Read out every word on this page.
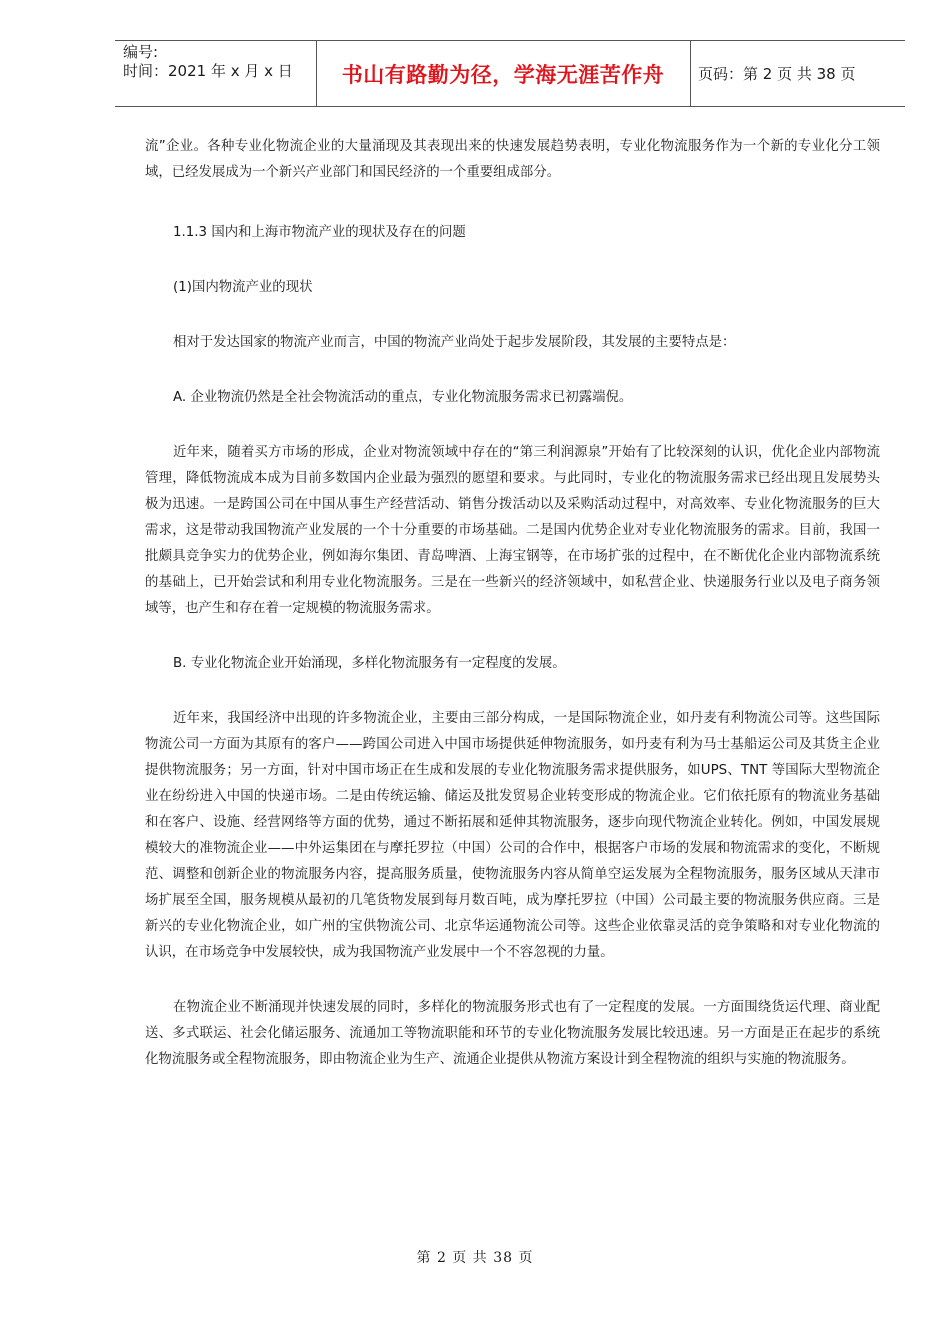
编号:
时间：2021 年 x 月 x 日	书山有路勤为径，学海无涯苦作舟	页码：第 2 页 共 38 页

流”企业。各种专业化物流企业的大量涌现及其表现出来的快速发展趋势表明，专业化物流服务作为一个新的专业化分工领域，已经发展成为一个新兴产业部门和国民经济的一个重要组成部分。

1.1.3 国内和上海市物流产业的现状及存在的问题

(1)国内物流产业的现状

相对于发达国家的物流产业而言，中国的物流产业尚处于起步发展阶段，其发展的主要特点是：

A. 企业物流仍然是全社会物流活动的重点，专业化物流服务需求已初露端倪。

近年来，随着买方市场的形成，企业对物流领域中存在的“第三利润源泉”开始有了比较深刻的认识，优化企业内部物流管理，降低物流成本成为目前多数国内企业最为强烈的愿望和要求。与此同时，专业化的物流服务需求已经出现且发展势头极为迅速。一是跨国公司在中国从事生产经营活动、销售分拨活动以及采购活动过程中，对高效率、专业化物流服务的巨大需求，这是带动我国物流产业发展的一个十分重要的市场基础。二是国内优势企业对专业化物流服务的需求。目前，我国一批颇具竞争实力的优势企业，例如海尔集团、青岛啤酒、上海宝钢等，在市场扩张的过程中，在不断优化企业内部物流系统的基础上，已开始尝试和利用专业化物流服务。三是在一些新兴的经济领域中，如私营企业、快递服务行业以及电子商务领域等，也产生和存在着一定规模的物流服务需求。

B. 专业化物流企业开始涌现，多样化物流服务有一定程度的发展。

近年来，我国经济中出现的许多物流企业，主要由三部分构成，一是国际物流企业，如丹麦有利物流公司等。这些国际物流公司一方面为其原有的客户——跨国公司进入中国市场提供延伸物流服务，如丹麦有利为马士基船运公司及其货主企业提供物流服务；另一方面，针对中国市场正在生成和发展的专业化物流服务需求提供服务，如UPS、TNT 等国际大型物流企业在纷纷进入中国的快递市场。二是由传统运输、储运及批发贸易企业转变形成的物流企业。它们依托原有的物流业务基础和在客户、设施、经营网络等方面的优势，通过不断拓展和延伸其物流服务，逐步向现代物流企业转化。例如，中国发展规模较大的准物流企业——中外运集团在与摩托罗拉（中国）公司的合作中，根据客户市场的发展和物流需求的变化，不断规范、调整和创新企业的物流服务内容，提高服务质量，使物流服务内容从简单空运发展为全程物流服务，服务区域从天津市场扩展至全国，服务规模从最初的几笔货物发展到每月数百吨，成为摩托罗拉（中国）公司最主要的物流服务供应商。三是新兴的专业化物流企业，如广州的宝供物流公司、北京华运通物流公司等。这些企业依靠灵活的竞争策略和对专业化物流的认识，在市场竞争中发展较快，成为我国物流产业发展中一个不容忽视的力量。

在物流企业不断涌现并快速发展的同时，多样化的物流服务形式也有了一定程度的发展。一方面围绕货运代理、商业配送、多式联运、社会化储运服务、流通加工等物流职能和环节的专业化物流服务发展比较迅速。另一方面是正在起步的系统化物流服务或全程物流服务，即由物流企业为生产、流通企业提供从物流方案设计到全程物流的组织与实施的物流服务。

第 2 页 共 38 页
